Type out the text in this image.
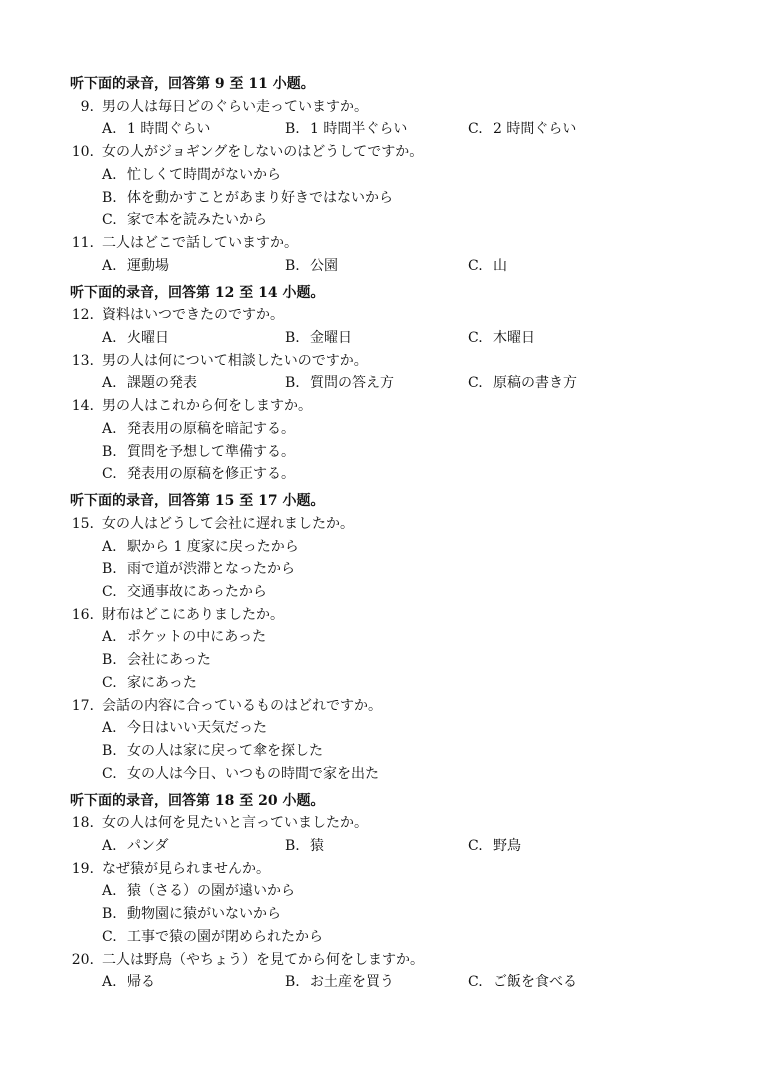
听下面的录音，回答第 9 至 11 小题。
9. 男の人は毎日どのぐらい走っていますか。
A. 1 時間ぐらい	B. 1 時間半ぐらい	C. 2 時間ぐらい
10. 女の人がジョギングをしないのはどうしてですか。
A. 忙しくて時間がないから
B. 体を動かすことがあまり好きではないから
C. 家で本を読みたいから
11. 二人はどこで話していますか。
A. 運動場	B. 公園	C. 山
听下面的录音，回答第 12 至 14 小题。
12. 資料はいつできたのですか。
A. 火曜日	B. 金曜日	C. 木曜日
13. 男の人は何について相談したいのですか。
A. 課題の発表	B. 質問の答え方	C. 原稿の書き方
14. 男の人はこれから何をしますか。
A. 発表用の原稿を暗記する。
B. 質問を予想して準備する。
C. 発表用の原稿を修正する。
听下面的录音，回答第 15 至 17 小题。
15. 女の人はどうして会社に遅れましたか。
A. 駅から 1 度家に戻ったから
B. 雨で道が渋滞となったから
C. 交通事故にあったから
16. 財布はどこにありましたか。
A. ポケットの中にあった
B. 会社にあった
C. 家にあった
17. 会話の内容に合っているものはどれですか。
A. 今日はいい天気だった
B. 女の人は家に戻って傘を探した
C. 女の人は今日、いつもの時間で家を出た
听下面的录音，回答第 18 至 20 小题。
18. 女の人は何を見たいと言っていましたか。
A. パンダ	B. 猿	C. 野鳥
19. なぜ猿が見られませんか。
A. 猿（さる）の園が遠いから
B. 動物園に猿がいないから
C. 工事で猿の園が閉められたから
20. 二人は野鳥（やちょう）を見てから何をしますか。
A. 帰る	B. お土産を買う	C. ご飯を食べる
